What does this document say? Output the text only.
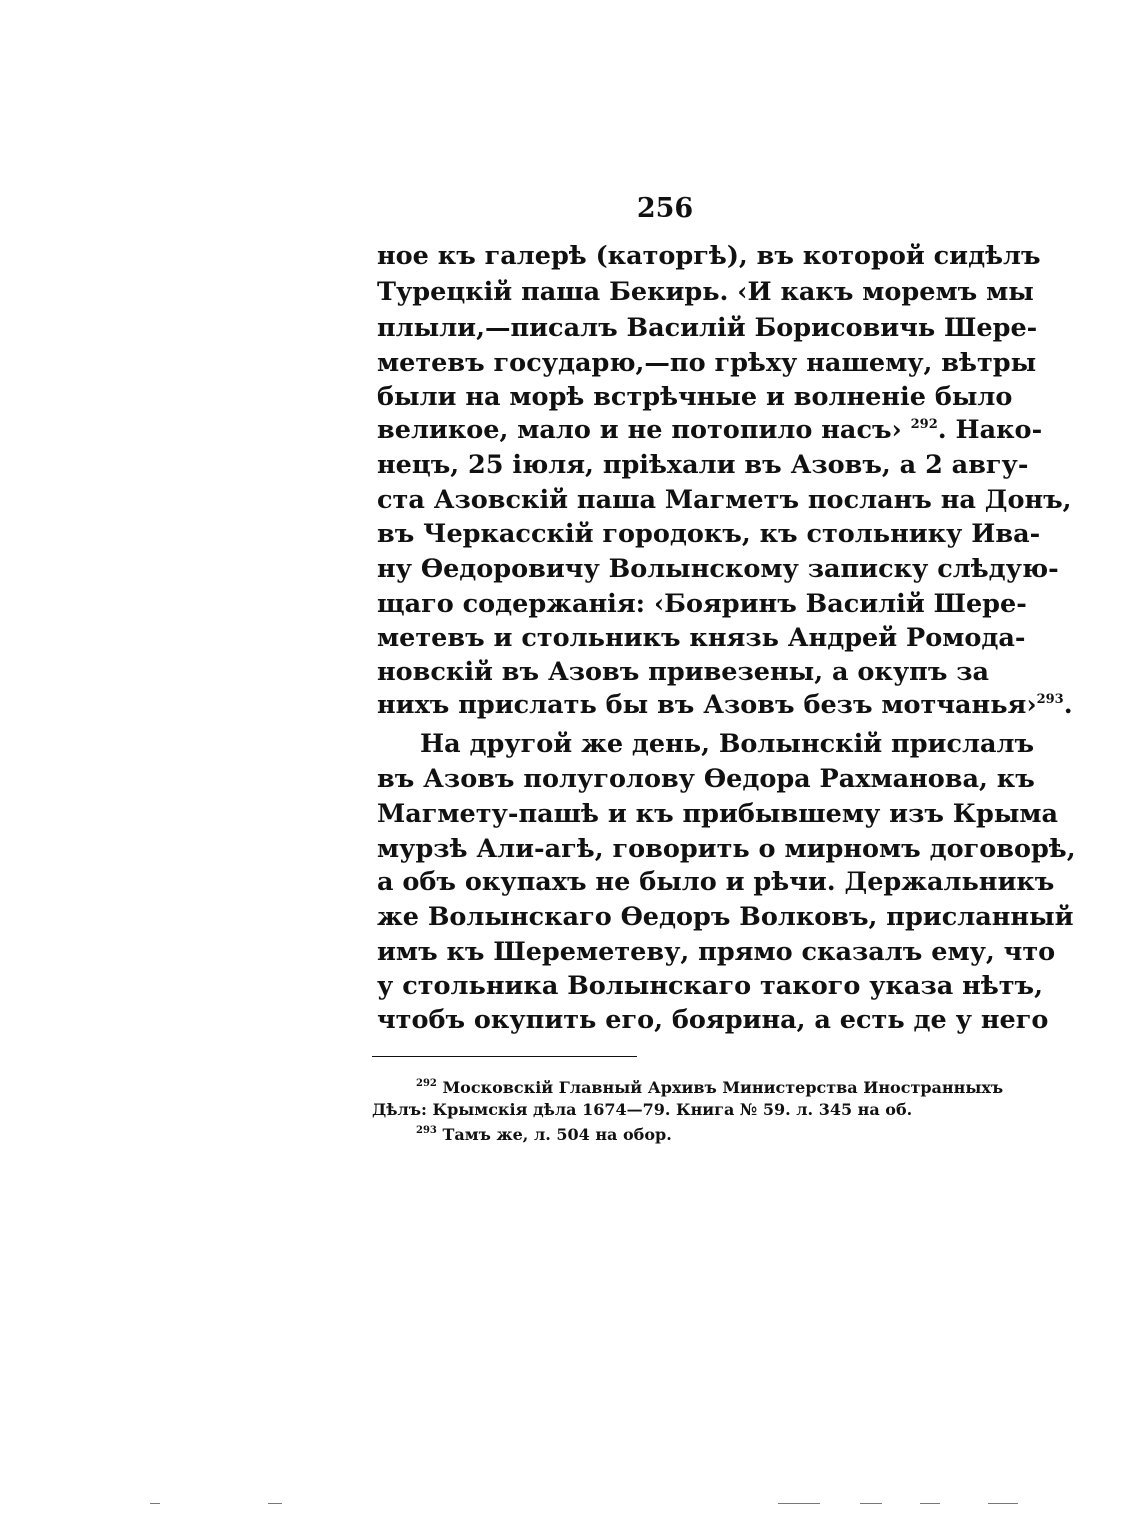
256
ное къ галерѣ (каторгѣ), въ которой сидѣлъ
Турецкій паша Бекирь. ‹И какъ моремъ мы
плыли,—писалъ Василій Борисовичь Шере-
метевъ государю,—по грѣху нашему, вѣтры
были на морѣ встрѣчные и волненіе было
великое, мало и не потопило насъ› $^{292}$. Нако-
нецъ, 25 іюля, пріѣхали въ Азовъ, а 2 авгу-
ста Азовскій паша Магметъ посланъ на Донъ,
въ Черкасскій городокъ, къ стольнику Ива-
ну Ѳедоровичу Волынскому записку слѣдую-
щаго содержанія: ‹Бояринъ Василій Шере-
метевъ и стольникъ князь Андрей Ромода-
новскій въ Азовъ привезены, а окупъ за
нихъ прислать бы въ Азовъ безъ мотчанья›$^{293}$.
На другой же день, Волынскій прислалъ
въ Азовъ полуголову Ѳедора Рахманова, къ
Магмету-пашѣ и къ прибывшему изъ Крыма
мурзѣ Али-агѣ, говорить о мирномъ договорѣ,
а объ окупахъ не было и рѣчи. Держальникъ
же Волынскаго Ѳедоръ Волковъ, присланный
имъ къ Шереметеву, прямо сказалъ ему, что
у стольника Волынскаго такого указа нѣтъ,
чтобъ окупить его, боярина, а есть де у него
$^{292}$ Московскій Главный Архивъ Министерства Иностранныхъ
Дѣлъ: Крымскія дѣла 1674—79. Книга № 59. л. 345 на об.
$^{293}$ Тамъ же, л. 504 на обор.
